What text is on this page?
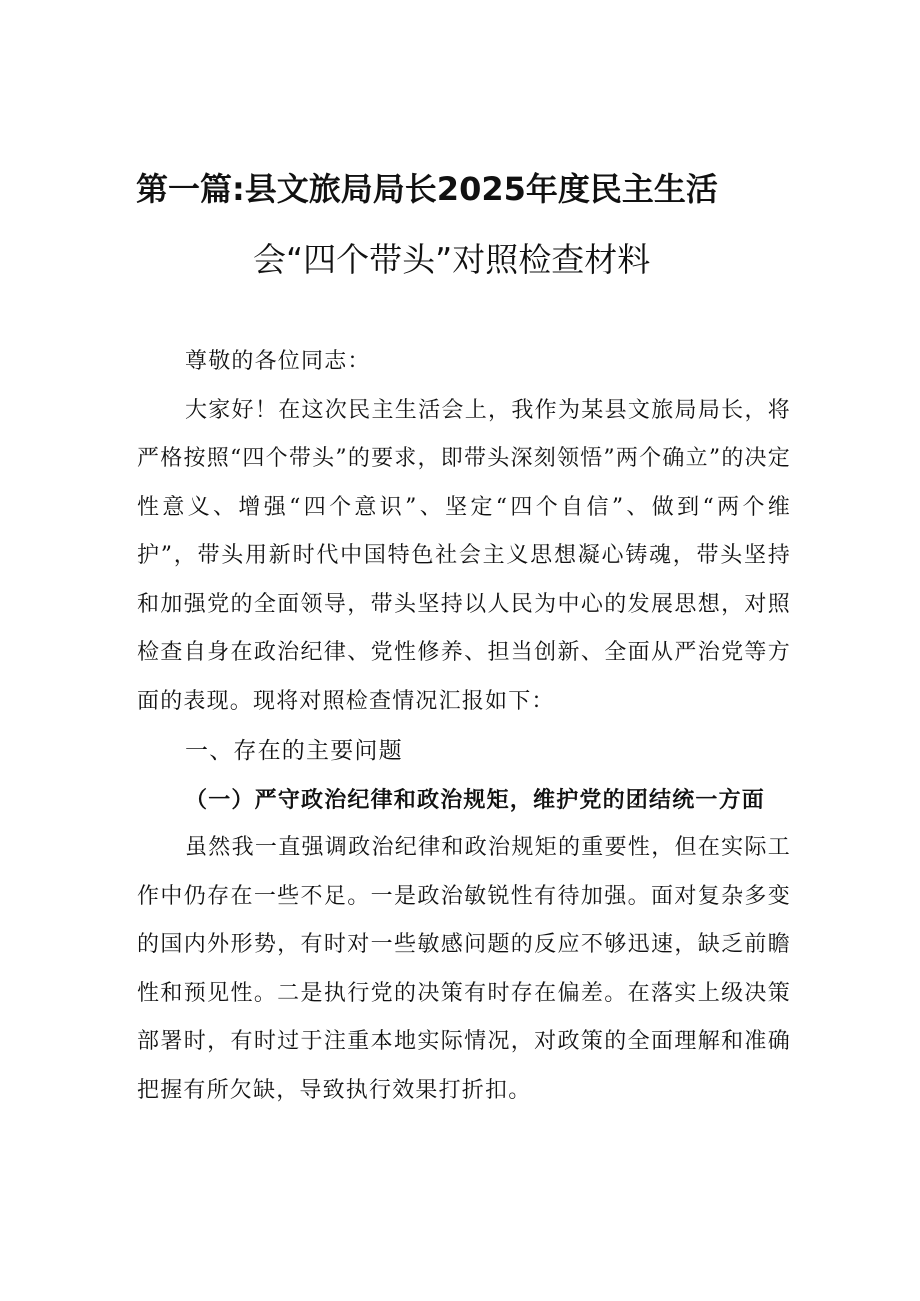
第一篇:县文旅局局长2025年度民主生活
会“四个带头”对照检查材料

尊敬的各位同志：

大家好！在这次民主生活会上，我作为某县文旅局局长，将严格按照“四个带头”的要求，即带头深刻领悟”两个确立”的决定性意义、增强“四个意识”、坚定“四个自信”、做到“两个维护”，带头用新时代中国特色社会主义思想凝心铸魂，带头坚持和加强党的全面领导，带头坚持以人民为中心的发展思想，对照检查自身在政治纪律、党性修养、担当创新、全面从严治党等方面的表现。现将对照检查情况汇报如下：

一、存在的主要问题

（一）严守政治纪律和政治规矩，维护党的团结统一方面

虽然我一直强调政治纪律和政治规矩的重要性，但在实际工作中仍存在一些不足。一是政治敏锐性有待加强。面对复杂多变的国内外形势，有时对一些敏感问题的反应不够迅速，缺乏前瞻性和预见性。二是执行党的决策有时存在偏差。在落实上级决策部署时，有时过于注重本地实际情况，对政策的全面理解和准确把握有所欠缺，导致执行效果打折扣。
